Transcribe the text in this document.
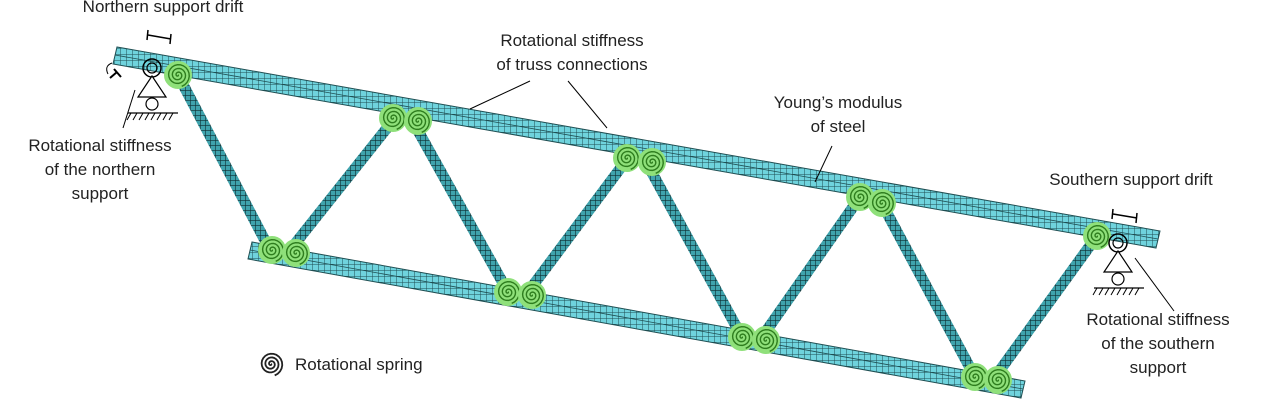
Northern support drift
Rotational stiffness
of truss connections
Young’s modulus
of steel
Rotational stiffness
of the northern
support
Southern support drift
Rotational stiffness
of the southern
support
Rotational spring
